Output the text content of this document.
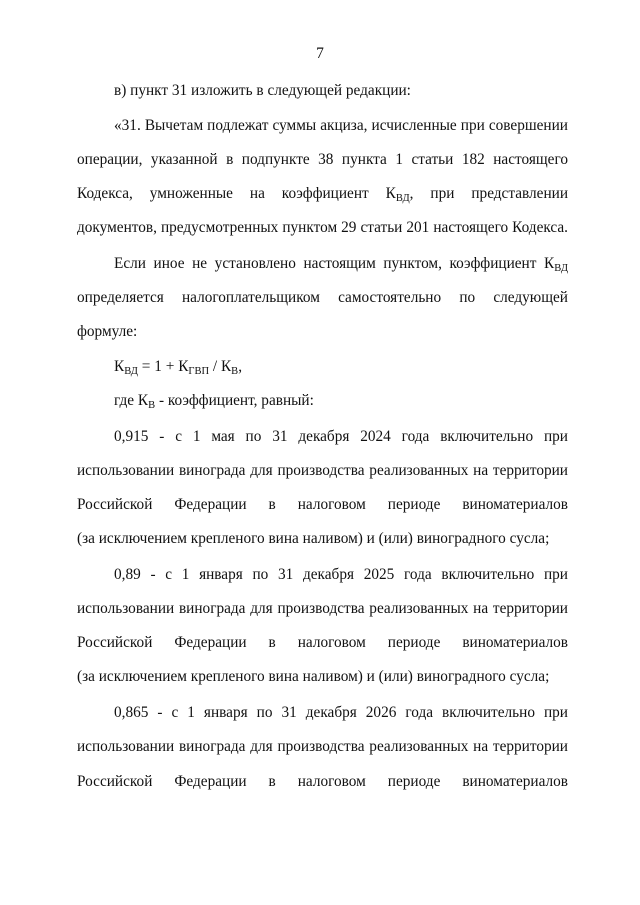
7
в) пункт 31 изложить в следующей редакции:
«31. Вычетам подлежат суммы акциза, исчисленные при совершении
операции, указанной в подпункте 38 пункта 1 статьи 182 настоящего
Кодекса, умноженные на коэффициент $К_{ВД}$, при представлении
документов, предусмотренных пунктом 29 статьи 201 настоящего Кодекса.
Если иное не установлено настоящим пунктом, коэффициент $К_{ВД}$
определяется налогоплательщиком самостоятельно по следующей
формуле:
$К_{ВД} = 1 + К_{ГВП} / К_В$,
где $К_В$ - коэффициент, равный:
0,915 - с 1 мая по 31 декабря 2024 года включительно при
использовании винограда для производства реализованных на территории
Российской Федерации в налоговом периоде виноматериалов
(за исключением крепленого вина наливом) и (или) виноградного сусла;
0,89 - с 1 января по 31 декабря 2025 года включительно при
использовании винограда для производства реализованных на территории
Российской Федерации в налоговом периоде виноматериалов
(за исключением крепленого вина наливом) и (или) виноградного сусла;
0,865 - с 1 января по 31 декабря 2026 года включительно при
использовании винограда для производства реализованных на территории
Российской Федерации в налоговом периоде виноматериалов
